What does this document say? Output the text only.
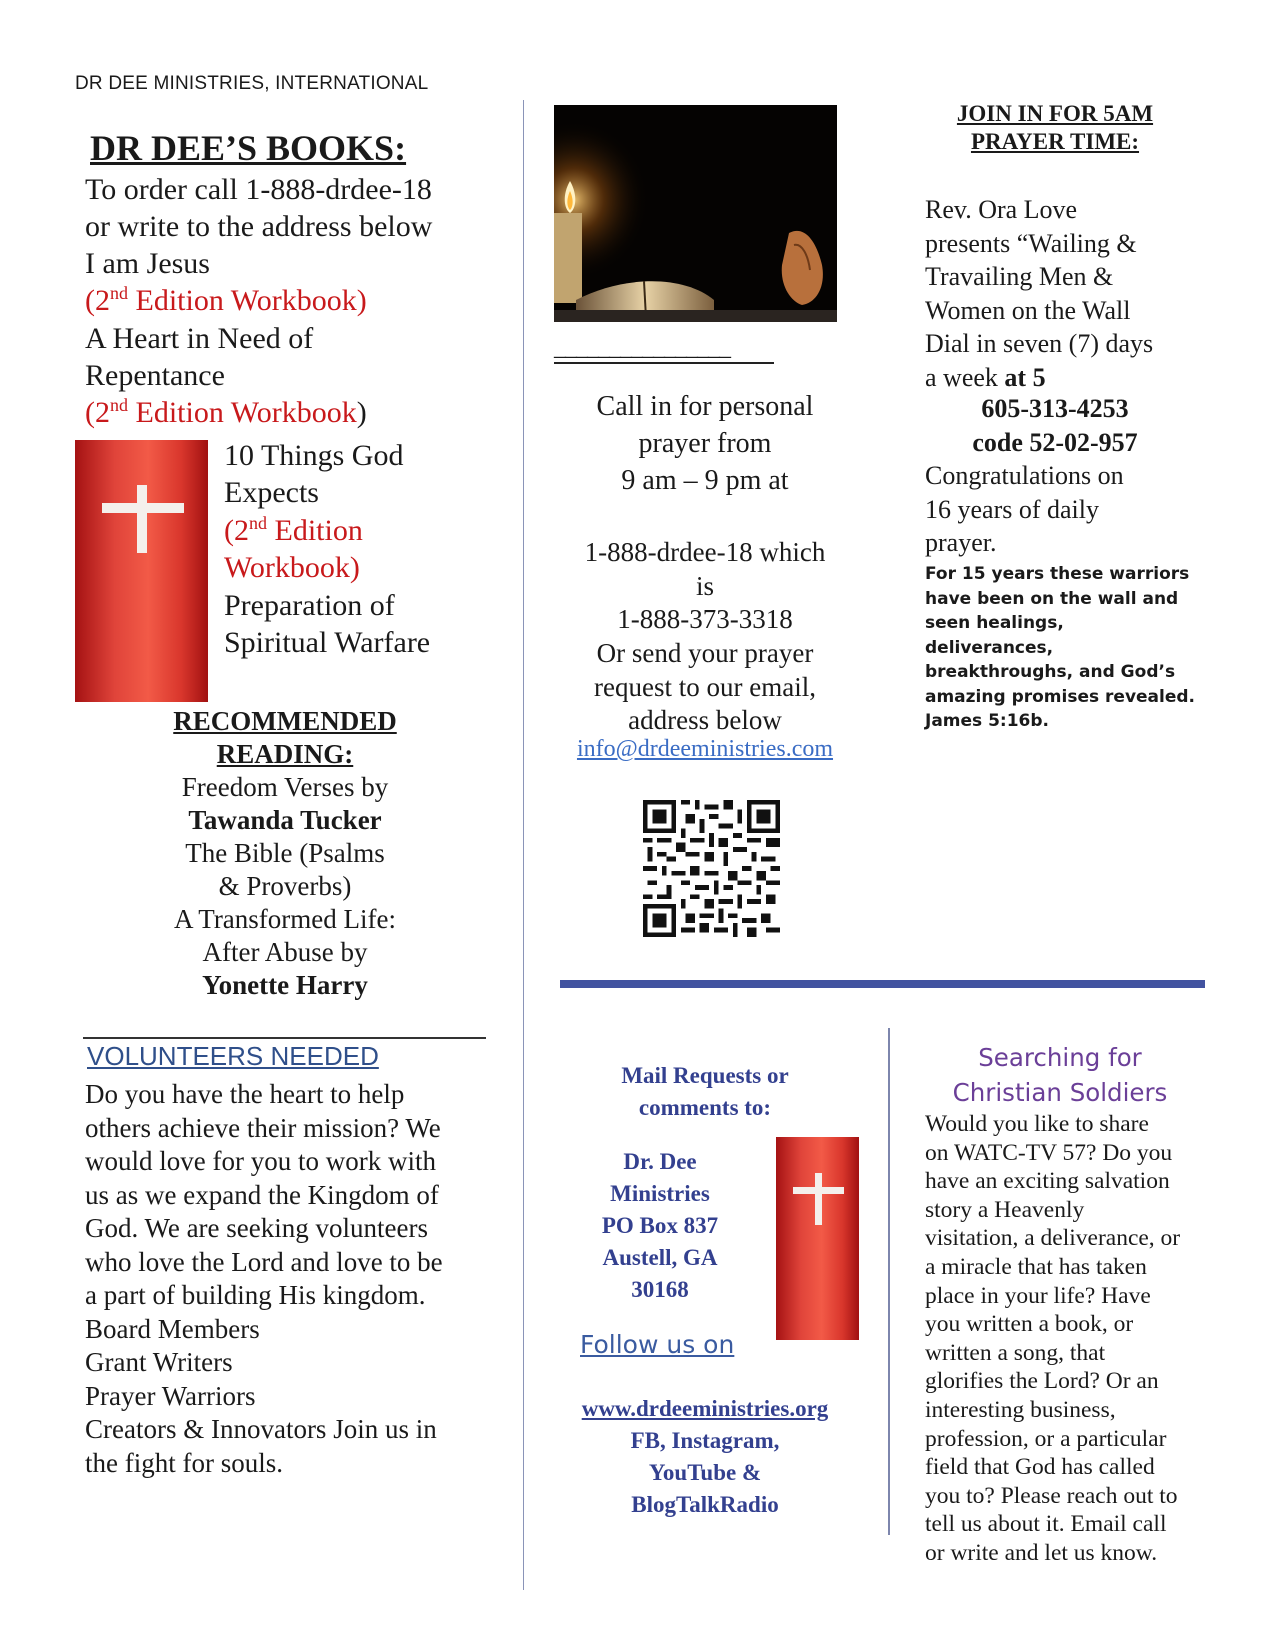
DR DEE MINISTRIES, INTERNATIONAL
DR DEE’S BOOKS:
To order call 1-888-drdee-18
or write to the address below
I am Jesus
(2nd Edition Workbook)
A Heart in Need of
Repentance
(2nd Edition Workbook)
10 Things God
Expects
(2nd Edition
Workbook)
Preparation of
Spiritual Warfare
RECOMMENDED
READING:
Freedom Verses by
Tawanda Tucker
The Bible (Psalms
& Proverbs)
A Transformed Life:
After Abuse by
Yonette Harry
VOLUNTEERS NEEDED
Do you have the heart to help
others achieve their mission? We
would love for you to work with
us as we expand the Kingdom of
God. We are seeking volunteers
who love the Lord and love to be
a part of building His kingdom.
Board Members
Grant Writers
Prayer Warriors
Creators & Innovators Join us in
the fight for souls.
________________
Call in for personal
prayer from
9 am – 9 pm at
1-888-drdee-18 which
is
1-888-373-3318
Or send your prayer
request to our email,
address below
info@drdeeministries.com
Mail Requests or
comments to:
Dr. Dee
Ministries
PO Box 837
Austell, GA
30168
Follow us on
www.drdeeministries.org
FB, Instagram,
YouTube &
BlogTalkRadio
JOIN IN FOR 5AM
PRAYER TIME:
Rev. Ora Love
presents “Wailing &
Travailing Men &
Women on the Wall
Dial in seven (7) days
a week at 5
605-313-4253
code 52-02-957
Congratulations on
16 years of daily
prayer.
For 15 years these warriors
have been on the wall and
seen healings, deliverances,
breakthroughs, and God’s
amazing promises revealed.
James 5:16b.
Searching for
Christian Soldiers
Would you like to share
on WATC-TV 57? Do you
have an exciting salvation
story a Heavenly
visitation, a deliverance, or
a miracle that has taken
place in your life? Have
you written a book, or
written a song, that
glorifies the Lord? Or an
interesting business,
profession, or a particular
field that God has called
you to? Please reach out to
tell us about it. Email call
or write and let us know.
